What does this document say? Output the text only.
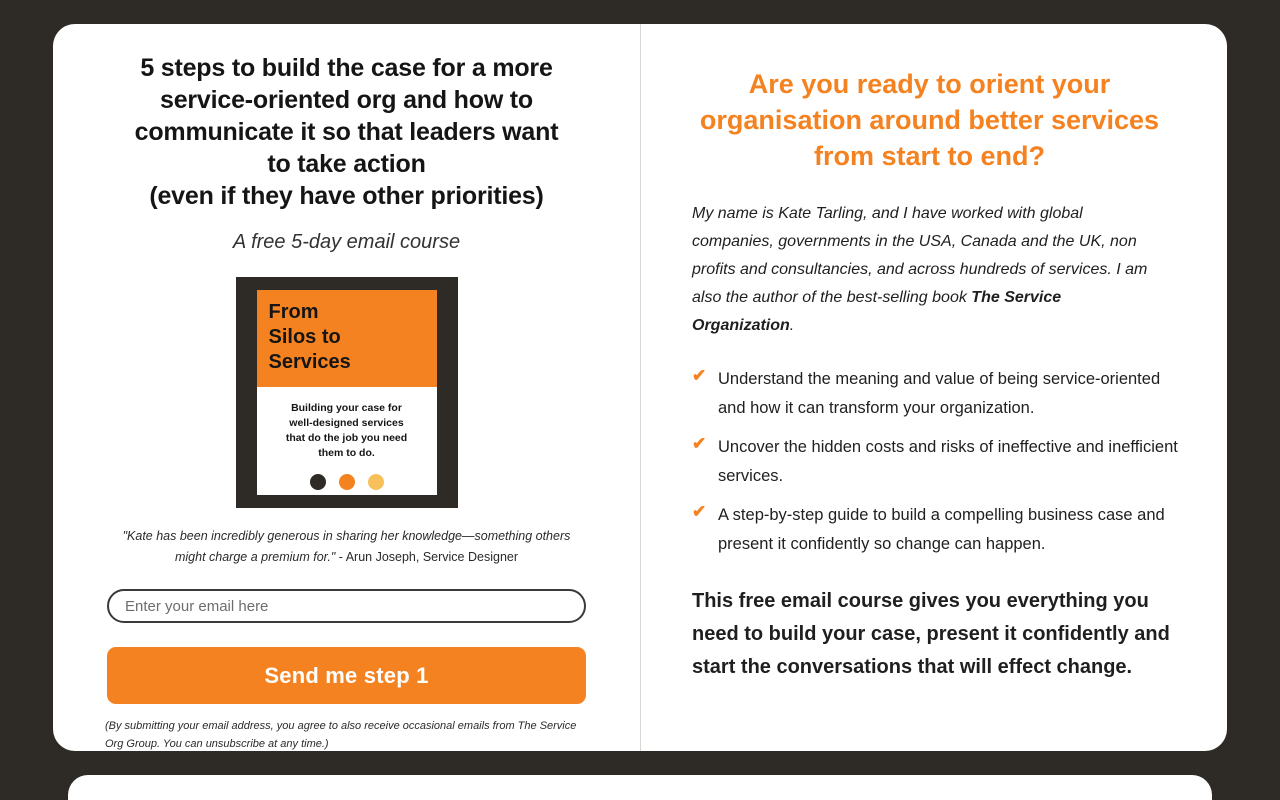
5 steps to build the case for a more
service-oriented org and how to
communicate it so that leaders want
to take action
(even if they have other priorities)

A free 5-day email course

From
Silos to
Services
Building your case for
well-designed services
that do the job you need
them to do.

"Kate has been incredibly generous in sharing her knowledge—something others might charge a premium for." - Arun Joseph, Service Designer

Enter your email here
Send me step 1

(By submitting your email address, you agree to also receive occasional emails from The Service Org Group. You can unsubscribe at any time.)

Are you ready to orient your organisation around better services from start to end?

My name is Kate Tarling, and I have worked with global companies, governments in the USA, Canada and the UK, non profits and consultancies, and across hundreds of services. I am also the author of the best-selling book The Service Organization.

✔ Understand the meaning and value of being service-oriented and how it can transform your organization.
✔ Uncover the hidden costs and risks of ineffective and inefficient services.
✔ A step-by-step guide to build a compelling business case and present it confidently so change can happen.

This free email course gives you everything you need to build your case, present it confidently and start the conversations that will effect change.
